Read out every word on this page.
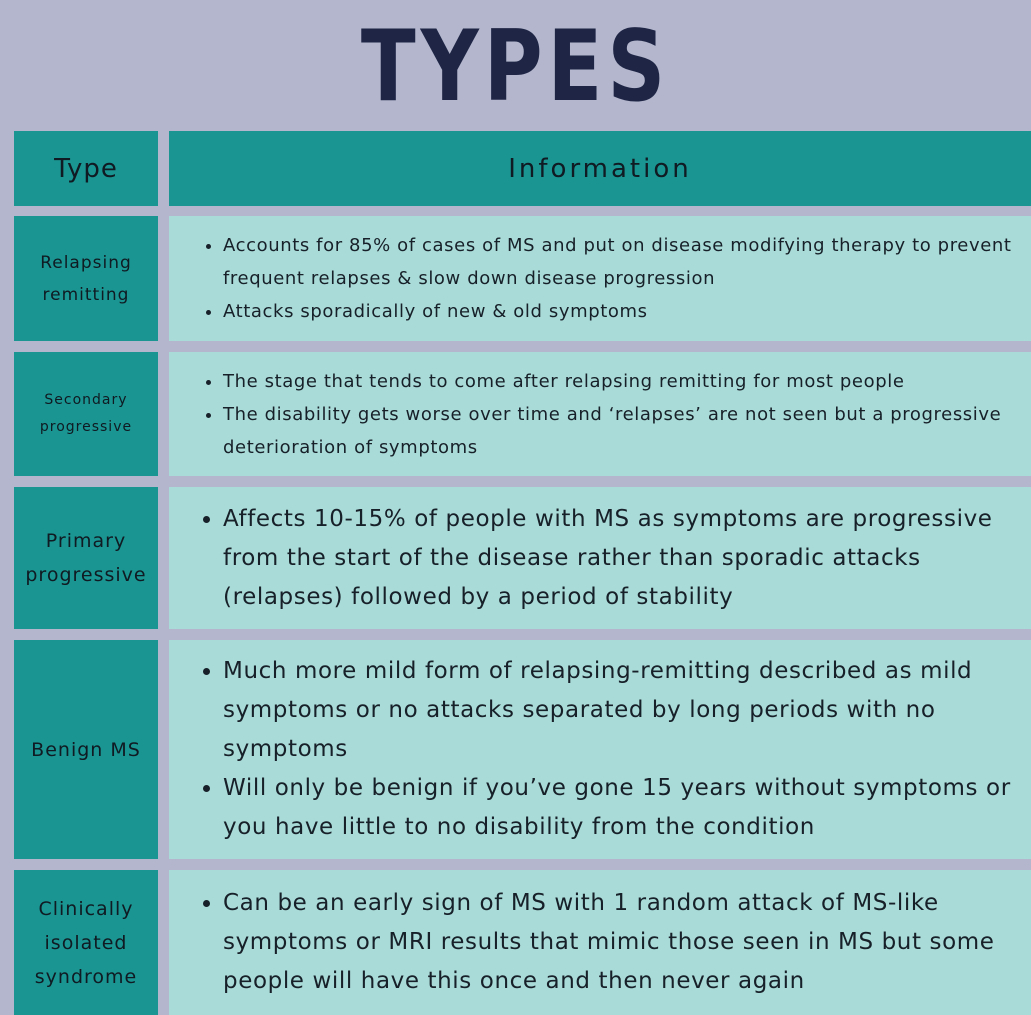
TYPES
Type	Information
Relapsing
remitting
• Accounts for 85% of cases of MS and put on disease modifying therapy to prevent frequent relapses & slow down disease progression
• Attacks sporadically of new & old symptoms
Secondary
progressive
• The stage that tends to come after relapsing remitting for most people
• The disability gets worse over time and ‘relapses’ are not seen but a progressive deterioration of symptoms
Primary
progressive
• Affects 10-15% of people with MS as symptoms are progressive from the start of the disease rather than sporadic attacks (relapses) followed by a period of stability
Benign MS
• Much more mild form of relapsing-remitting described as mild symptoms or no attacks separated by long periods with no symptoms
• Will only be benign if you’ve gone 15 years without symptoms or you have little to no disability from the condition
Clinically
isolated
syndrome
• Can be an early sign of MS with 1 random attack of MS-like symptoms or MRI results that mimic those seen in MS but some people will have this once and then never again
